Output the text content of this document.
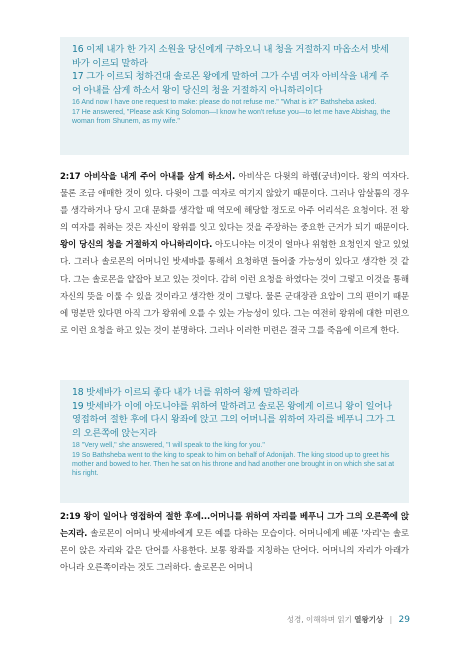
16 이제 내가 한 가지 소원을 당신에게 구하오니 내 청을 거절하지 마옵소서 밧세바가 이르되 말하라

17 그가 이르되 청하건대 솔로몬 왕에게 말하여 그가 수넴 여자 아비삭을 내게 주어 아내를 삼게 하소서 왕이 당신의 청을 거절하지 아니하리이다

16 And now I have one request to make: please do not refuse me." "What is it?" Bathsheba asked.

17 He answered, "Please ask King Solomon—I know he won't refuse you—to let me have Abishag, the woman from Shunem, as my wife."

2:17 아비삭을 내게 주어 아내를 삼게 하소서. 아비삭은 다윗의 하렘(궁녀)이다. 왕의 여자다. 물론 조금 애매한 것이 있다. 다윗이 그를 여자로 여기지 않았기 때문이다. 그러나 암살툼의 경우를 생각하거나 당시 고대 문화를 생각할 때 역모에 해당할 정도로 아주 어리석은 요청이다. 전 왕의 여자를 취하는 것은 자신이 왕위를 잇고 있다는 것을 주장하는 중요한 근거가 되기 때문이다. 왕이 당신의 청을 거절하지 아니하리이다. 아도니야는 이것이 얼마나 위험한 요청인지 알고 있었다. 그러나 솔로몬의 어머니인 밧세바를 통해서 요청하면 들어줄 가능성이 있다고 생각한 것 같다. 그는 솔로몬을 얕잡아 보고 있는 것이다. 감히 이런 요청을 하였다는 것이 그렇고 이것을 통해 자신의 뜻을 이룰 수 있을 것이라고 생각한 것이 그렇다. 물론 군대장관 요압이 그의 편이기 때문에 명분만 있다면 아직 그가 왕위에 오를 수 있는 가능성이 있다. 그는 여전히 왕위에 대한 미련으로 이런 요청을 하고 있는 것이 분명하다. 그러나 이러한 미련은 결국 그를 죽음에 이르게 한다.

18 밧세바가 이르되 좋다 내가 너를 위하여 왕께 말하리라

19 밧세바가 이에 아도니야를 위하여 말하려고 솔로몬 왕에게 이르니 왕이 일어나 영접하여 절한 후에 다시 왕좌에 앉고 그의 어머니를 위하여 자리를 베푸니 그가 그의 오른쪽에 앉는지라

18 "Very well," she answered, "I will speak to the king for you."

19 So Bathsheba went to the king to speak to him on behalf of Adonijah. The king stood up to greet his mother and bowed to her. Then he sat on his throne and had another one brought in on which she sat at his right.

2:19 왕이 일어나 영접하여 절한 후에...어머니를 위하여 자리를 베푸니 그가 그의 오른쪽에 앉는지라. 솔로몬이 어머니 밧세바에게 모든 예를 다하는 모습이다. 어머니에게 베푼 '자리'는 솔로몬이 앉은 자리와 같은 단어를 사용한다. 보통 왕좌를 지칭하는 단어다. 어머니의 자리가 아래가 아니라 오른쪽이라는 것도 그러하다. 솔로몬은 어머니

성경, 이해하며 읽기 열왕기상 | 29
